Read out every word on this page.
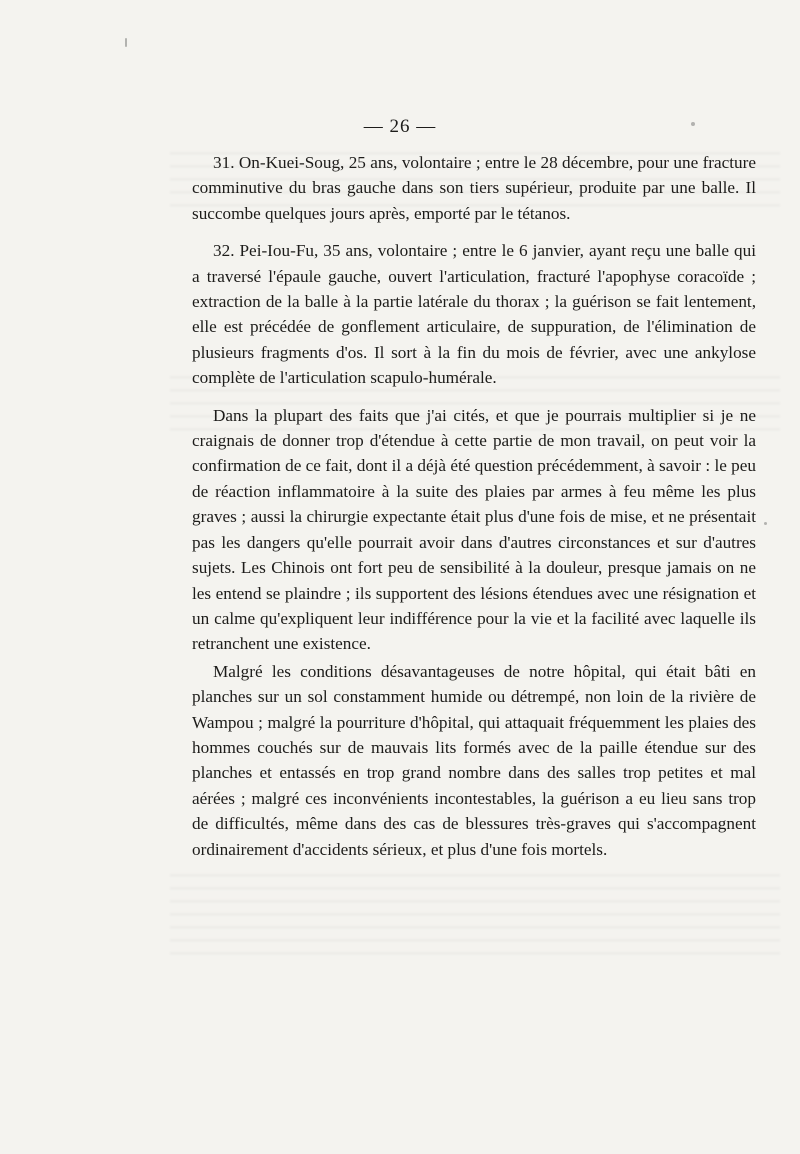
— 26 —

31. On-Kuei-Soug, 25 ans, volontaire ; entre le 28 décembre, pour une fracture comminutive du bras gauche dans son tiers supérieur, produite par une balle. Il succombe quelques jours après, emporté par le tétanos.

32. Pei-Iou-Fu, 35 ans, volontaire ; entre le 6 janvier, ayant reçu une balle qui a traversé l'épaule gauche, ouvert l'articulation, fracturé l'apophyse coracoïde ; extraction de la balle à la partie latérale du thorax ; la guérison se fait lentement, elle est précédée de gonflement articulaire, de suppuration, de l'élimination de plusieurs fragments d'os. Il sort à la fin du mois de février, avec une ankylose complète de l'articulation scapulo-humérale.

Dans la plupart des faits que j'ai cités, et que je pourrais multiplier si je ne craignais de donner trop d'étendue à cette partie de mon travail, on peut voir la confirmation de ce fait, dont il a déjà été question précédemment, à savoir : le peu de réaction inflammatoire à la suite des plaies par armes à feu même les plus graves ; aussi la chirurgie expectante était plus d'une fois de mise, et ne présentait pas les dangers qu'elle pourrait avoir dans d'autres circonstances et sur d'autres sujets. Les Chinois ont fort peu de sensibilité à la douleur, presque jamais on ne les entend se plaindre ; ils supportent des lésions étendues avec une résignation et un calme qu'expliquent leur indifférence pour la vie et la facilité avec laquelle ils retranchent une existence.

Malgré les conditions désavantageuses de notre hôpital, qui était bâti en planches sur un sol constamment humide ou détrempé, non loin de la rivière de Wampou ; malgré la pourriture d'hôpital, qui attaquait fréquemment les plaies des hommes couchés sur de mauvais lits formés avec de la paille étendue sur des planches et entassés en trop grand nombre dans des salles trop petites et mal aérées ; malgré ces inconvénients incontestables, la guérison a eu lieu sans trop de difficultés, même dans des cas de blessures très-graves qui s'accompagnent ordinairement d'accidents sérieux, et plus d'une fois mortels.
